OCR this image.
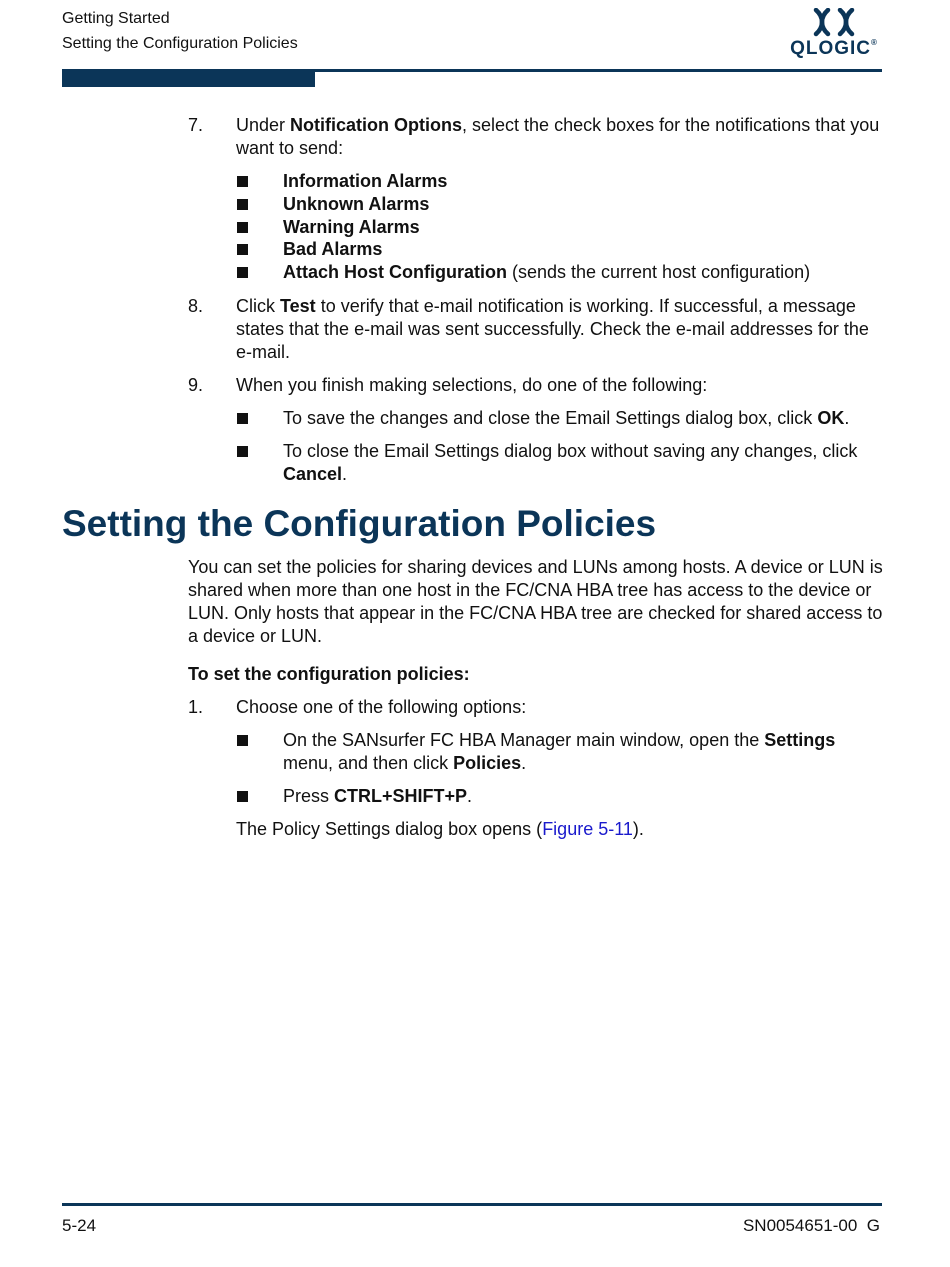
Getting Started
Setting the Configuration Policies	QLOGIC®
7. Under Notification Options, select the check boxes for the notifications that you want to send:
Information Alarms
Unknown Alarms
Warning Alarms
Bad Alarms
Attach Host Configuration (sends the current host configuration)
8. Click Test to verify that e-mail notification is working. If successful, a message states that the e-mail was sent successfully. Check the e-mail addresses for the e-mail.
9. When you finish making selections, do one of the following:
To save the changes and close the Email Settings dialog box, click OK.
To close the Email Settings dialog box without saving any changes, click Cancel.
Setting the Configuration Policies
You can set the policies for sharing devices and LUNs among hosts. A device or LUN is shared when more than one host in the FC/CNA HBA tree has access to the device or LUN. Only hosts that appear in the FC/CNA HBA tree are checked for shared access to a device or LUN.
To set the configuration policies:
1. Choose one of the following options:
On the SANsurfer FC HBA Manager main window, open the Settings menu, and then click Policies.
Press CTRL+SHIFT+P.
The Policy Settings dialog box opens (Figure 5-11).
5-24	SN0054651-00  G
